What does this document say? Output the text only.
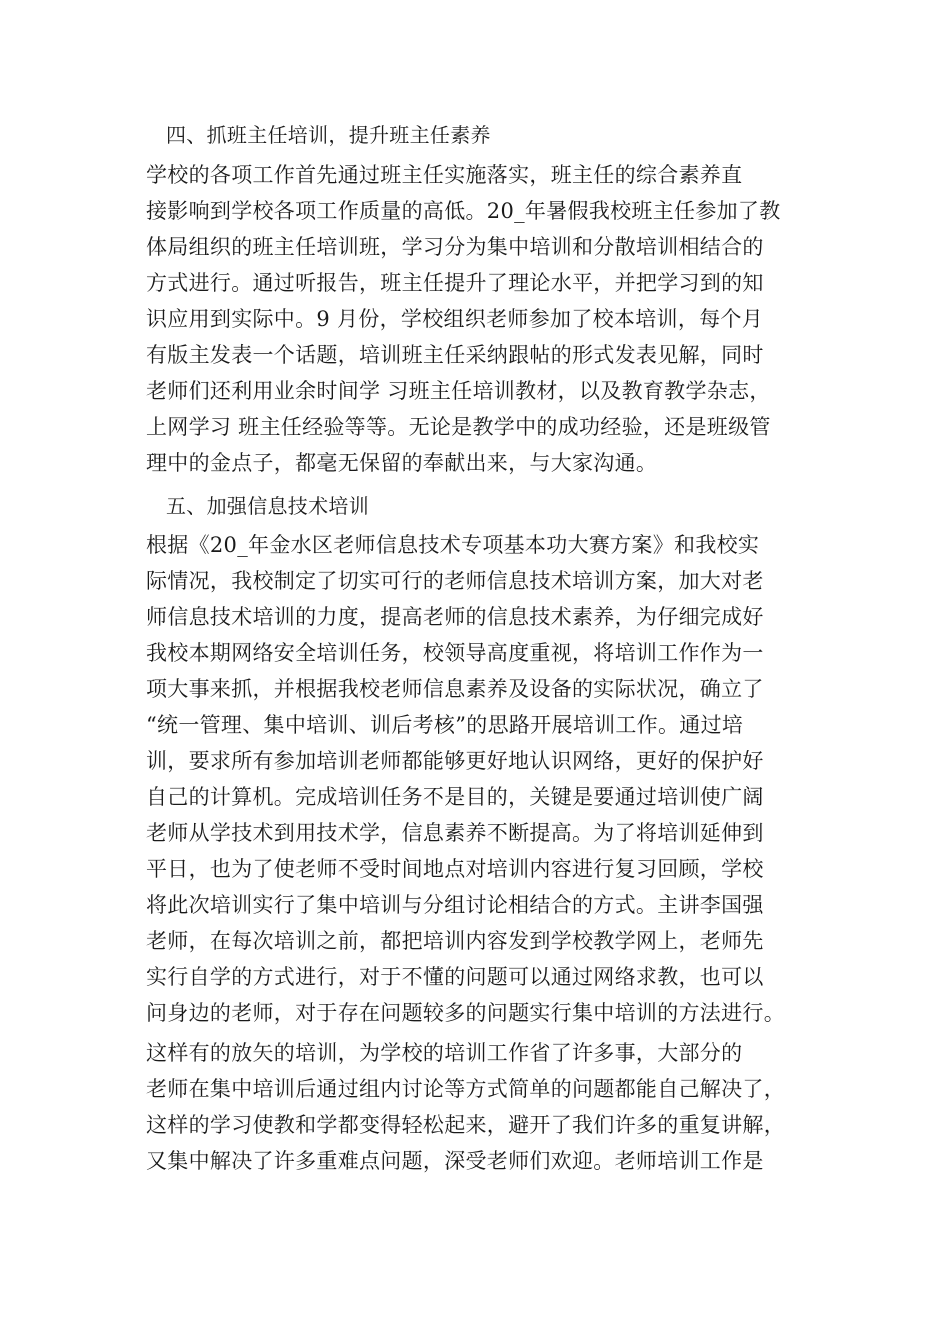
四、抓班主任培训，提升班主任素养
学校的各项工作首先通过班主任实施落实，班主任的综合素养直
接影响到学校各项工作质量的高低。20_年暑假我校班主任参加了教
体局组织的班主任培训班，学习分为集中培训和分散培训相结合的
方式进行。通过听报告，班主任提升了理论水平，并把学习到的知
识应用到实际中。9 月份，学校组织老师参加了校本培训，每个月
有版主发表一个话题，培训班主任采纳跟帖的形式发表见解，同时
老师们还利用业余时间学 习班主任培训教材，以及教育教学杂志，
上网学习 班主任经验等等。无论是教学中的成功经验，还是班级管
理中的金点子，都毫无保留的奉献出来，与大家沟通。
五、加强信息技术培训
根据《20_年金水区老师信息技术专项基本功大赛方案》和我校实
际情况，我校制定了切实可行的老师信息技术培训方案，加大对老
师信息技术培训的力度，提高老师的信息技术素养，为仔细完成好
我校本期网络安全培训任务，校领导高度重视，将培训工作作为一
项大事来抓，并根据我校老师信息素养及设备的实际状况，确立了
“统一管理、集中培训、训后考核”的思路开展培训工作。通过培
训，要求所有参加培训老师都能够更好地认识网络，更好的保护好
自己的计算机。完成培训任务不是目的，关键是要通过培训使广阔
老师从学技术到用技术学，信息素养不断提高。为了将培训延伸到
平日，也为了使老师不受时间地点对培训内容进行复习回顾，学校
将此次培训实行了集中培训与分组讨论相结合的方式。主讲李国强
老师，在每次培训之前，都把培训内容发到学校教学网上，老师先
实行自学的方式进行，对于不懂的问题可以通过网络求教，也可以
问身边的老师，对于存在问题较多的问题实行集中培训的方法进行。
这样有的放矢的培训，为学校的培训工作省了许多事，大部分的
老师在集中培训后通过组内讨论等方式简单的问题都能自己解决了，
这样的学习使教和学都变得轻松起来，避开了我们许多的重复讲解，
又集中解决了许多重难点问题，深受老师们欢迎。老师培训工作是
